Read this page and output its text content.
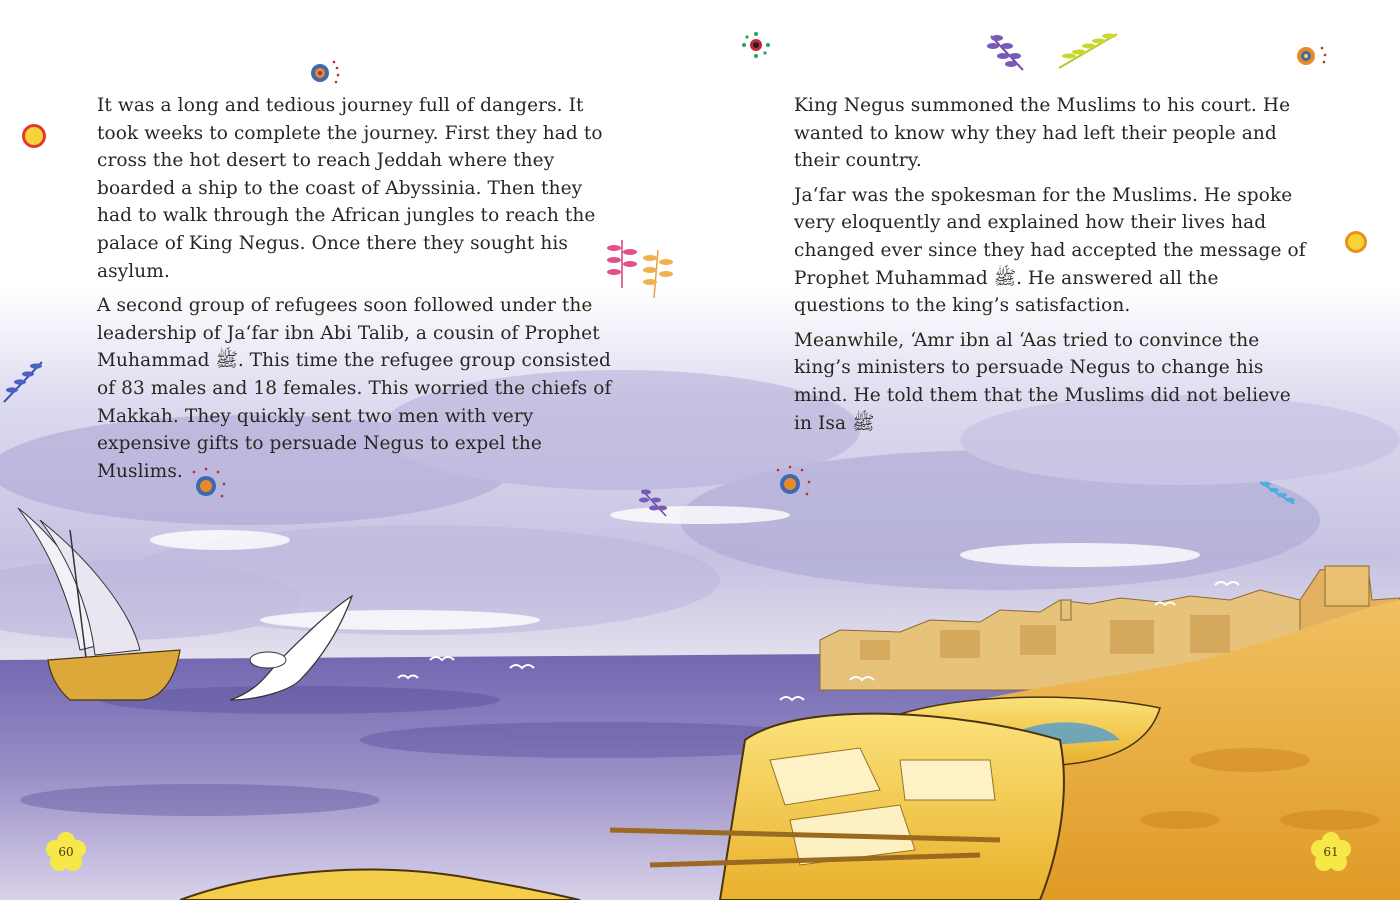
It was a long and tedious journey full of dangers. It took weeks to complete the journey. First they had to cross the hot desert to reach Jeddah where they boarded a ship to the coast of Abyssinia. Then they had to walk through the African jungles to reach the palace of King Negus. Once there they sought his asylum.

A second group of refugees soon followed under the leadership of Ja‘far ibn Abi Talib, a cousin of Prophet Muhammad ﷺ. This time the refugee group consisted of 83 males and 18 females. This worried the chiefs of Makkah. They quickly sent two men with very expensive gifts to persuade Negus to expel the Muslims.

King Negus summoned the Muslims to his court. He wanted to know why they had left their people and their country.

Ja‘far was the spokesman for the Muslims. He spoke very eloquently and explained how their lives had changed ever since they had accepted the message of Prophet Muhammad ﷺ. He answered all the questions to the king’s satisfaction.

Meanwhile, ‘Amr ibn al ‘Aas tried to convince the king’s ministers to persuade Negus to change his mind. He told them that the Muslims did not believe in Isa ﷺ

60	61
